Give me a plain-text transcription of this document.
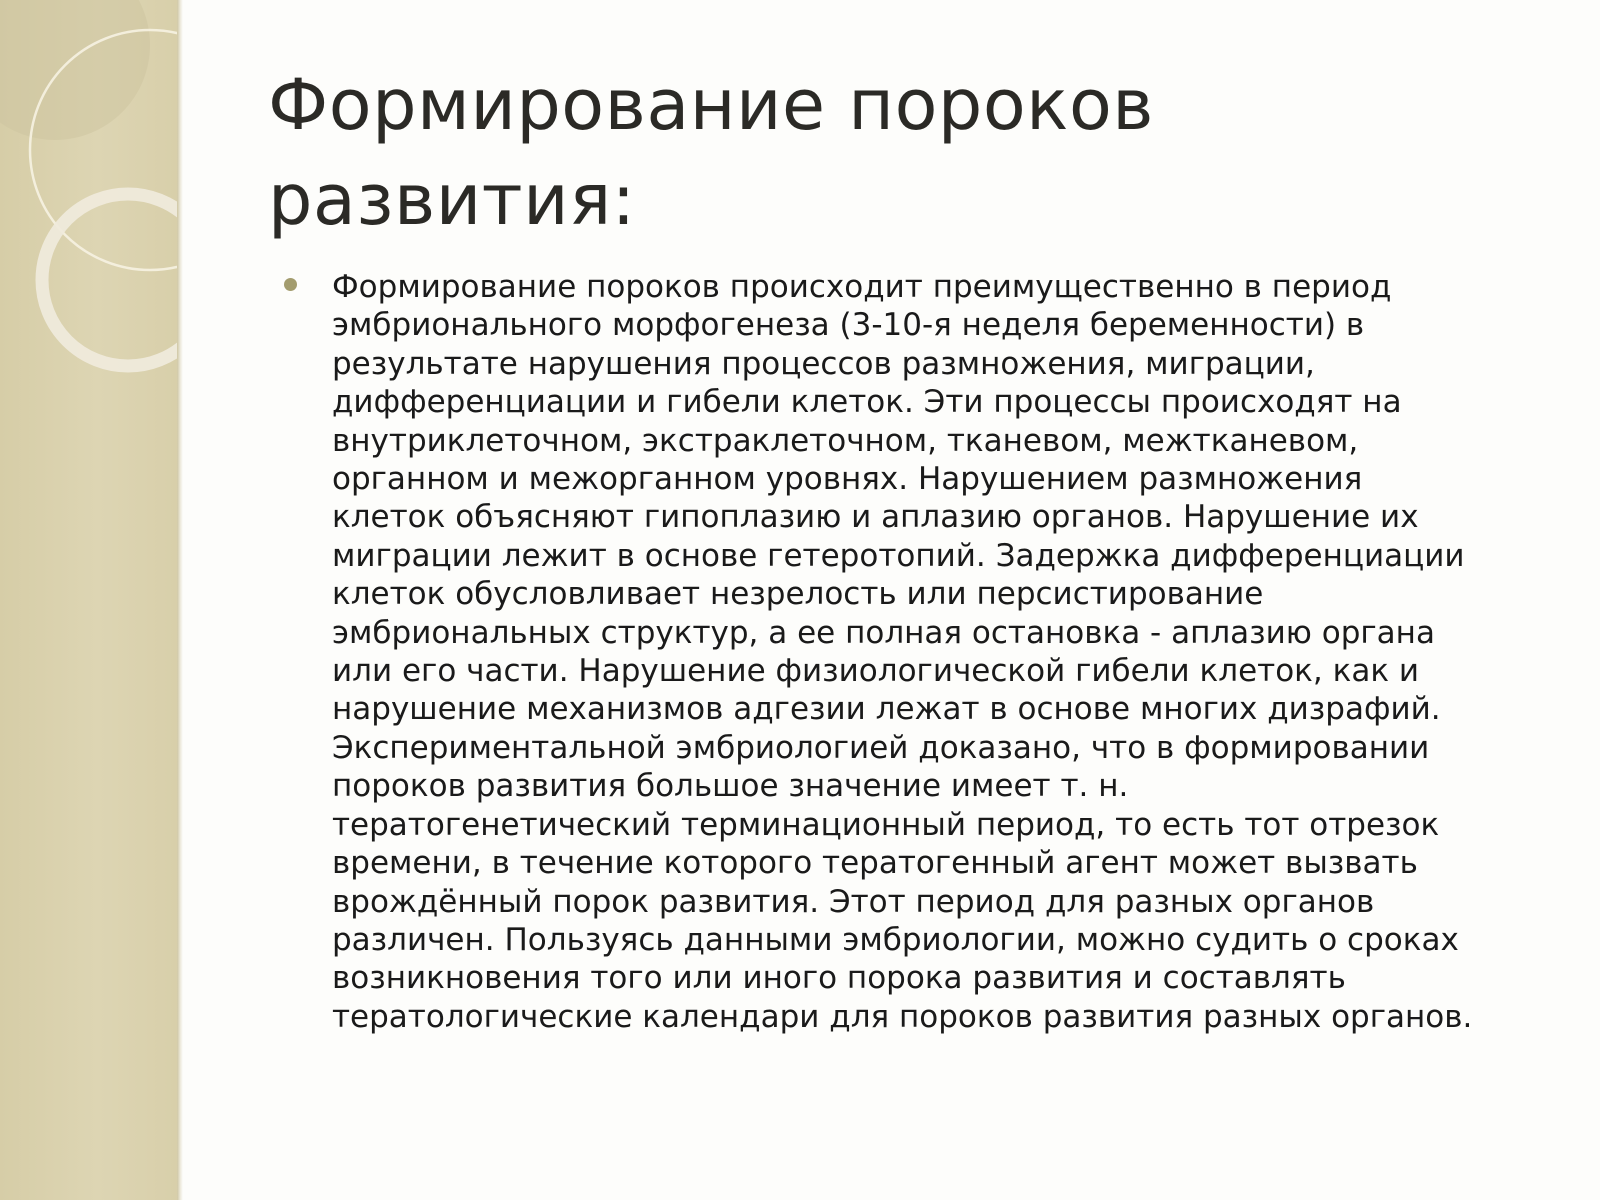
Формирование пороков
развития:
Формирование пороков происходит преимущественно в период
эмбрионального морфогенеза (3-10-я неделя беременности) в
результате нарушения процессов размножения, миграции,
дифференциации и гибели клеток. Эти процессы происходят на
внутриклеточном, экстраклеточном, тканевом, межтканевом,
органном и межорганном уровнях. Нарушением размножения
клеток объясняют гипоплазию и аплазию органов. Нарушение их
миграции лежит в основе гетеротопий. Задержка дифференциации
клеток обусловливает незрелость или персистирование
эмбриональных структур, а ее полная остановка - аплазию органа
или его части. Нарушение физиологической гибели клеток, как и
нарушение механизмов адгезии лежат в основе многих дизрафий.
Экспериментальной эмбриологией доказано, что в формировании
пороков развития большое значение имеет т. н.
тератогенетический терминационный период, то есть тот отрезок
времени, в течение которого тератогенный агент может вызвать
врождённый порок развития. Этот период для разных органов
различен. Пользуясь данными эмбриологии, можно судить о сроках
возникновения того или иного порока развития и составлять
тератологические календари для пороков развития разных органов.
